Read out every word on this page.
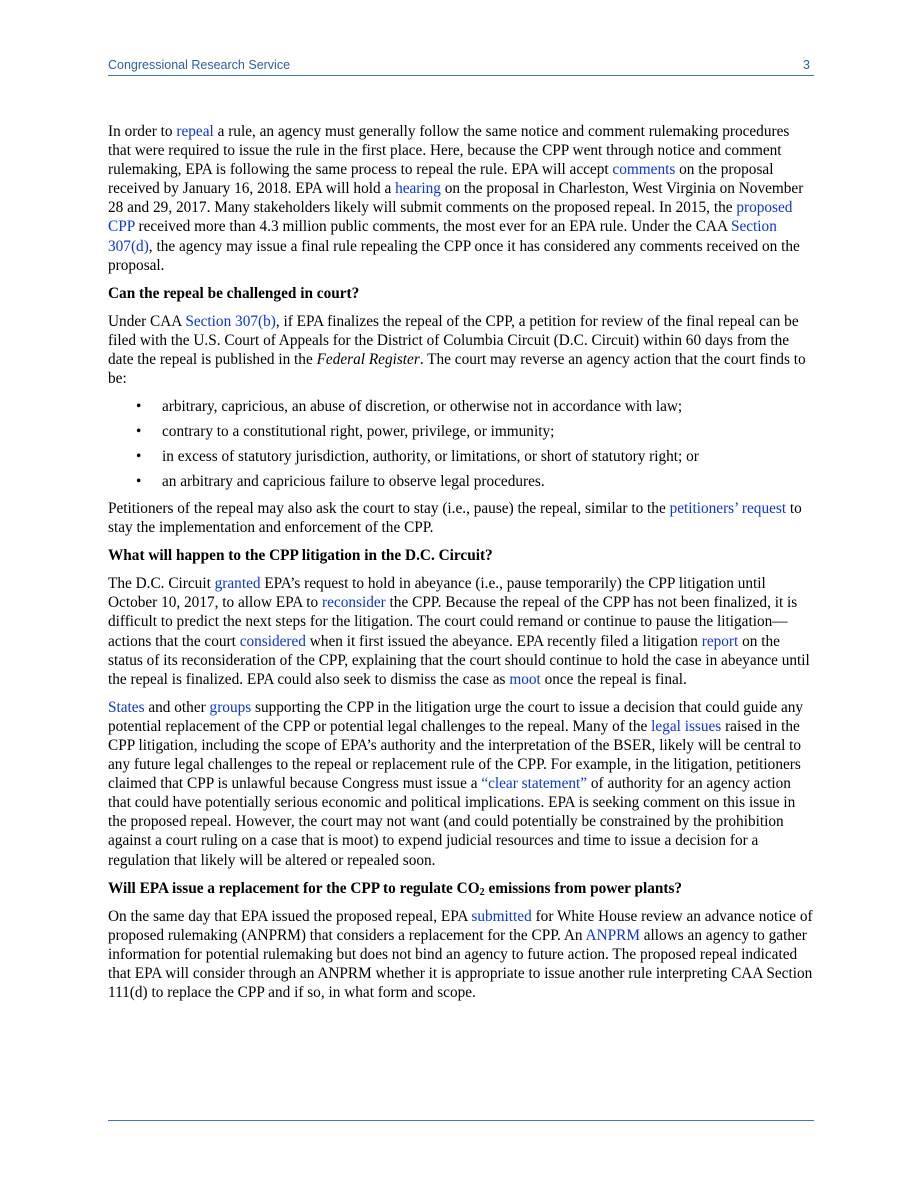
Congressional Research Service	3

In order to repeal a rule, an agency must generally follow the same notice and comment rulemaking procedures that were required to issue the rule in the first place. Here, because the CPP went through notice and comment rulemaking, EPA is following the same process to repeal the rule. EPA will accept comments on the proposal received by January 16, 2018. EPA will hold a hearing on the proposal in Charleston, West Virginia on November 28 and 29, 2017. Many stakeholders likely will submit comments on the proposed repeal. In 2015, the proposed CPP received more than 4.3 million public comments, the most ever for an EPA rule. Under the CAA Section 307(d), the agency may issue a final rule repealing the CPP once it has considered any comments received on the proposal.

Can the repeal be challenged in court?

Under CAA Section 307(b), if EPA finalizes the repeal of the CPP, a petition for review of the final repeal can be filed with the U.S. Court of Appeals for the District of Columbia Circuit (D.C. Circuit) within 60 days from the date the repeal is published in the Federal Register. The court may reverse an agency action that the court finds to be:

• arbitrary, capricious, an abuse of discretion, or otherwise not in accordance with law;
• contrary to a constitutional right, power, privilege, or immunity;
• in excess of statutory jurisdiction, authority, or limitations, or short of statutory right; or
• an arbitrary and capricious failure to observe legal procedures.

Petitioners of the repeal may also ask the court to stay (i.e., pause) the repeal, similar to the petitioners’ request to stay the implementation and enforcement of the CPP.

What will happen to the CPP litigation in the D.C. Circuit?

The D.C. Circuit granted EPA’s request to hold in abeyance (i.e., pause temporarily) the CPP litigation until October 10, 2017, to allow EPA to reconsider the CPP. Because the repeal of the CPP has not been finalized, it is difficult to predict the next steps for the litigation. The court could remand or continue to pause the litigation—actions that the court considered when it first issued the abeyance. EPA recently filed a litigation report on the status of its reconsideration of the CPP, explaining that the court should continue to hold the case in abeyance until the repeal is finalized. EPA could also seek to dismiss the case as moot once the repeal is final.

States and other groups supporting the CPP in the litigation urge the court to issue a decision that could guide any potential replacement of the CPP or potential legal challenges to the repeal. Many of the legal issues raised in the CPP litigation, including the scope of EPA’s authority and the interpretation of the BSER, likely will be central to any future legal challenges to the repeal or replacement rule of the CPP. For example, in the litigation, petitioners claimed that CPP is unlawful because Congress must issue a “clear statement” of authority for an agency action that could have potentially serious economic and political implications. EPA is seeking comment on this issue in the proposed repeal. However, the court may not want (and could potentially be constrained by the prohibition against a court ruling on a case that is moot) to expend judicial resources and time to issue a decision for a regulation that likely will be altered or repealed soon.

Will EPA issue a replacement for the CPP to regulate $CO_2$ emissions from power plants?

On the same day that EPA issued the proposed repeal, EPA submitted for White House review an advance notice of proposed rulemaking (ANPRM) that considers a replacement for the CPP. An ANPRM allows an agency to gather information for potential rulemaking but does not bind an agency to future action. The proposed repeal indicated that EPA will consider through an ANPRM whether it is appropriate to issue another rule interpreting CAA Section 111(d) to replace the CPP and if so, in what form and scope.
